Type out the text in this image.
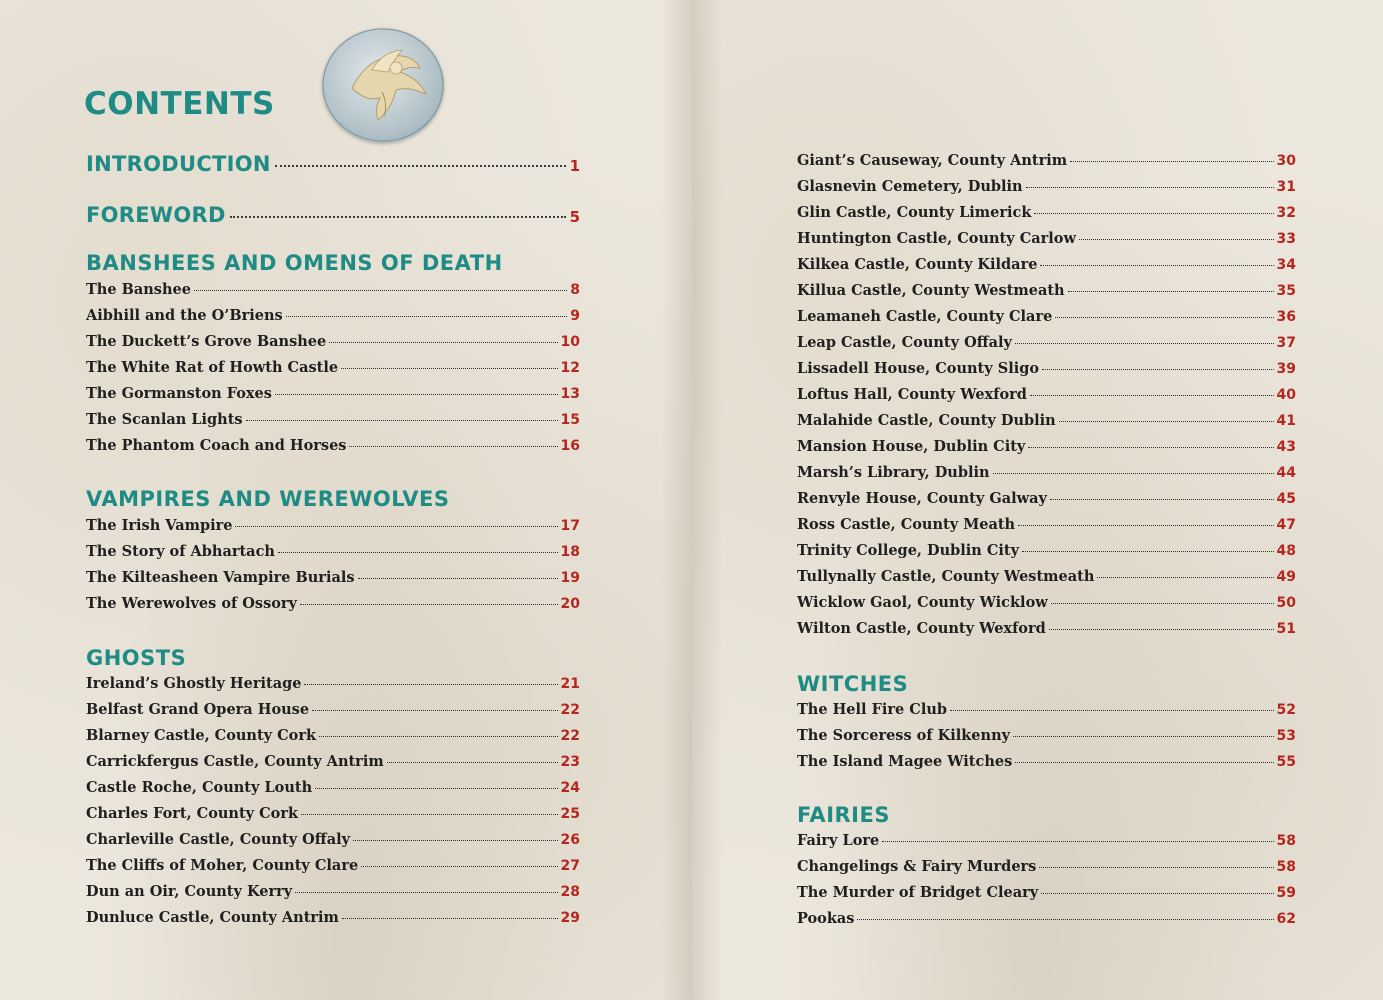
CONTENTS
INTRODUCTION	1
FOREWORD	5
BANSHEES AND OMENS OF DEATH
The Banshee	8
Aibhill and the O’Briens	9
The Duckett’s Grove Banshee	10
The White Rat of Howth Castle	12
The Gormanston Foxes	13
The Scanlan Lights	15
The Phantom Coach and Horses	16
VAMPIRES AND WEREWOLVES
The Irish Vampire	17
The Story of Abhartach	18
The Kilteasheen Vampire Burials	19
The Werewolves of Ossory	20
GHOSTS
Ireland’s Ghostly Heritage	21
Belfast Grand Opera House	22
Blarney Castle, County Cork	22
Carrickfergus Castle, County Antrim	23
Castle Roche, County Louth	24
Charles Fort, County Cork	25
Charleville Castle, County Offaly	26
The Cliffs of Moher, County Clare	27
Dun an Oir, County Kerry	28
Dunluce Castle, County Antrim	29
Giant’s Causeway, County Antrim	30
Glasnevin Cemetery, Dublin	31
Glin Castle, County Limerick	32
Huntington Castle, County Carlow	33
Kilkea Castle, County Kildare	34
Killua Castle, County Westmeath	35
Leamaneh Castle, County Clare	36
Leap Castle, County Offaly	37
Lissadell House, County Sligo	39
Loftus Hall, County Wexford	40
Malahide Castle, County Dublin	41
Mansion House, Dublin City	43
Marsh’s Library, Dublin	44
Renvyle House, County Galway	45
Ross Castle, County Meath	47
Trinity College, Dublin City	48
Tullynally Castle, County Westmeath	49
Wicklow Gaol, County Wicklow	50
Wilton Castle, County Wexford	51
WITCHES
The Hell Fire Club	52
The Sorceress of Kilkenny	53
The Island Magee Witches	55
FAIRIES
Fairy Lore	58
Changelings & Fairy Murders	58
The Murder of Bridget Cleary	59
Pookas	62
